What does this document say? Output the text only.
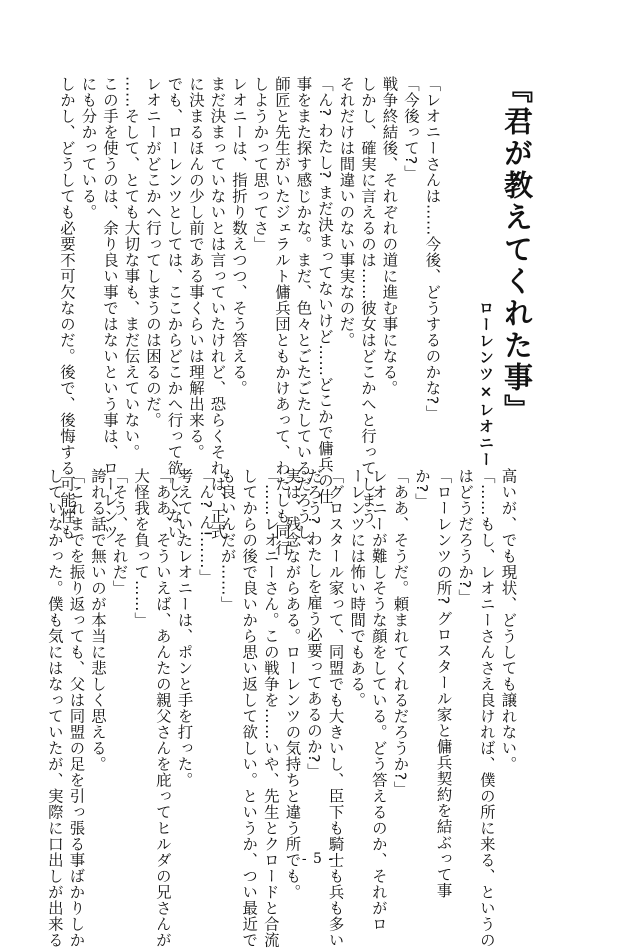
『君が教えてくれた事』
ローレンツ×レオニー
「レオニーさんは……今後、どうするのかな?」
「今後って?」
戦争終結後、それぞれの道に進む事になる。
しかし、確実に言えるのは……彼女はどこかへと行ってしまう、
それだけは間違いのない事実なのだ。
「ん? わたし? まだ決まってないけど……どこかで傭兵の仕
事をまた探す感じかな。まだ、色々とごたごたしているだろうし、
師匠と先生がいたジェラルト傭兵団ともかけあって、わたしも同行
しようかって思ってさ」
レオニーは、指折り数えつつ、そう答える。
まだ決まっていないとは言っていたけれど、恐らくそれは、正式
に決まるほんの少し前である事くらいは理解出来る。
でも、ローレンツとしては、ここからどこかへ行って欲しくない。
レオニーがどこかへ行ってしまうのは困るのだ。
……そして、とても大切な事も、まだ伝えていない。
この手を使うのは、余り良い事ではないという事は、ローレンツ
にも分かっている。
しかし、どうしても必要不可欠なのだ。後で、後悔する可能性も
高いが、でも現状、どうしても譲れない。
「……もし、レオニーさんさえ良ければ、僕の所に来る、というの
はどうだろうか?」
「ローレンツの所? グロスタール家と傭兵契約を結ぶって事
か?」
「ああ、そうだ。頼まれてくれるだろうか?」
レオニーが難しそうな顔をしている。どう答えるのか、それがロ
ーレンツには怖い時間でもある。
「グロスタール家って、同盟でも大きいし、臣下も騎士も兵も多い
だろう? わたしを雇う必要ってあるのか?」
実は、残念ながらある。ローレンツの気持ちと違う所でも。
「……レオニーさん。この戦争を……いや、先生とクロードと合流
してからの後で良いから思い返して欲しい。というか、つい最近で
も良いんだが……」
「ん? ん!……」
考えていたレオニーは、ポンと手を打った。
「ああ、そういえば、あんたの親父さんを庇ってヒルダの兄さんが
大怪我を負って……」
「そう、それだ」
誇れる話で無いのが本当に悲しく思える。
「これまでを振り返っても、父は同盟の足を引っ張る事ばかりしか
していなかった。僕も気にはなっていたが、実際に口出しが出来る	- 5 -
